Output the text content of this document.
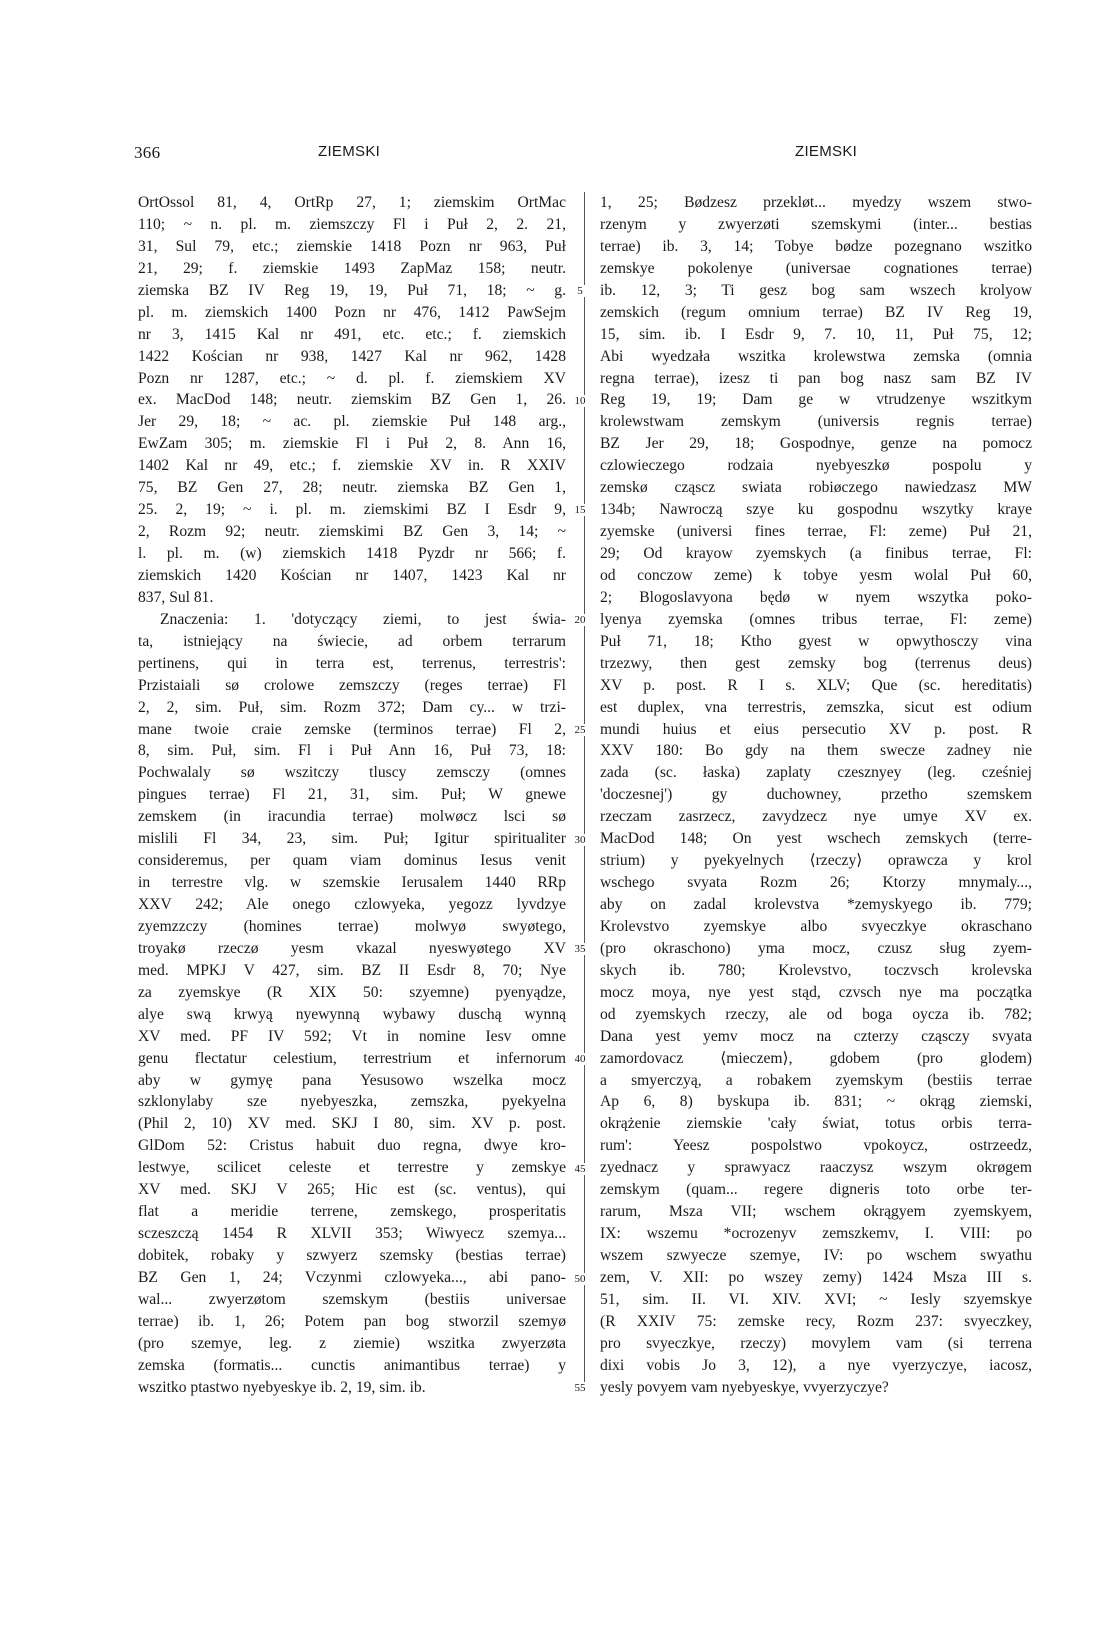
366	ZIEMSKI	ZIEMSKI
OrtOssol 81, 4, OrtRp 27, 1; ziemskim OrtMac
110; ~ n. pl. m. ziemszczy Fl i Puł 2, 2. 21,
31, Sul 79, etc.; ziemskie 1418 Pozn nr 963, Puł
21, 29; f. ziemskie 1493 ZapMaz 158; neutr.
ziemska BZ IV Reg 19, 19, Puł 71, 18; ~ g.
pl. m. ziemskich 1400 Pozn nr 476, 1412 PawSejm
nr 3, 1415 Kal nr 491, etc. etc.; f. ziemskich
1422 Kościan nr 938, 1427 Kal nr 962, 1428
Pozn nr 1287, etc.; ~ d. pl. f. ziemskiem XV
ex. MacDod 148; neutr. ziemskim BZ Gen 1, 26.
Jer 29, 18; ~ ac. pl. ziemskie Puł 148 arg.,
EwZam 305; m. ziemskie Fl i Puł 2, 8. Ann 16,
1402 Kal nr 49, etc.; f. ziemskie XV in. R XXIV
75, BZ Gen 27, 28; neutr. ziemska BZ Gen 1,
25. 2, 19; ~ i. pl. m. ziemskimi BZ I Esdr 9,
2, Rozm 92; neutr. ziemskimi BZ Gen 3, 14; ~
l. pl. m. (w) ziemskich 1418 Pyzdr nr 566; f.
ziemskich 1420 Kościan nr 1407, 1423 Kal nr
837, Sul 81.
Znaczenia: 1. 'dotyczący ziemi, to jest świa-
ta, istniejący na świecie, ad orbem terrarum
pertinens, qui in terra est, terrenus, terrestris':
Przistaiali sø crolowe zemszczy (reges terrae) Fl
2, 2, sim. Puł, sim. Rozm 372; Dam cy... w trzi-
mane twoie craie zemske (terminos terrae) Fl 2,
8, sim. Puł, sim. Fl i Puł Ann 16, Puł 73, 18:
Pochwalaly sø wszitczy tluscy zemsczy (omnes
pingues terrae) Fl 21, 31, sim. Puł; W gnewe
zemskem (in iracundia terrae) molwøcz lsci sø
mislili Fl 34, 23, sim. Puł; Igitur spiritualiter
consideremus, per quam viam dominus Iesus venit
in terrestre vlg. w szemskie Ierusalem 1440 RRp
XXV 242; Ale onego czlowyeka, yegozz lyvdzye
zyemzzczy (homines terrae) molwyø swyøtego,
troyakø rzeczø yesm vkazal nyeswyøtego XV
med. MPKJ V 427, sim. BZ II Esdr 8, 70; Nye
za zyemskye (R XIX 50: szyemne) pyenyądze,
alye swą krwyą nyewynną wybawy duschą wynną
XV med. PF IV 592; Vt in nomine Iesv omne
genu flectatur celestium, terrestrium et infernorum
aby w gymyę pana Yesusowo wszelka mocz
szklonylaby sze nyebyeszka, zemszka, pyekyelna
(Phil 2, 10) XV med. SKJ I 80, sim. XV p. post.
GlDom 52: Cristus habuit duo regna, dwye kro-
lestwye, scilicet celeste et terrestre y zemskye
XV med. SKJ V 265; Hic est (sc. ventus), qui
flat a meridie terrene, zemskego, prosperitatis
sczeszczą 1454 R XLVII 353; Wiwyecz szemya...
dobitek, robaky y szwyerz szemsky (bestias terrae)
BZ Gen 1, 24; Vczynmi czlowyeka..., abi pano-
wal... zwyerzøtom szemskym (bestiis universae
terrae) ib. 1, 26; Potem pan bog stworzil szemyø
(pro szemye, leg. z ziemie) wszitka zwyerzøta
zemska (formatis... cunctis animantibus terrae) y
wszitko ptastwo nyebyeskye ib. 2, 19, sim. ib.
5
10
15
20
25
30
35
40
45
50
55
1, 25; Bødzesz przekløt... myedzy wszem stwo-
rzenym y zwyerzøti szemskymi (inter... bestias
terrae) ib. 3, 14; Tobye bødze pozegnano wszitko
zemskye pokolenye (universae cognationes terrae)
ib. 12, 3; Ti gesz bog sam wszech krolyow
zemskich (regum omnium terrae) BZ IV Reg 19,
15, sim. ib. I Esdr 9, 7. 10, 11, Puł 75, 12;
Abi wyedzała wszitka krolewstwa zemska (omnia
regna terrae), izesz ti pan bog nasz sam BZ IV
Reg 19, 19; Dam ge w vtrudzenye wszitkym
krolewstwam zemskym (universis regnis terrae)
BZ Jer 29, 18; Gospodnye, genze na pomocz
czlowieczego rodzaia nyebyeszkø pospolu y
zemskø cząscz swiata robiøczego nawiedzasz MW
134b; Nawroczą szye ku gospodnu wszytky kraye
zyemske (universi fines terrae, Fl: zeme) Puł 21,
29; Od krayow zyemskych (a finibus terrae, Fl:
od conczow zeme) k tobye yesm wolal Puł 60,
2; Blogoslavyona będø w nyem wszytka poko-
lyenya zyemska (omnes tribus terrae, Fl: zeme)
Puł 71, 18; Ktho gyest w opwythosczy vina
trzezwy, then gest zemsky bog (terrenus deus)
XV p. post. R I s. XLV; Que (sc. hereditatis)
est duplex, vna terrestris, zemszka, sicut est odium
mundi huius et eius persecutio XV p. post. R
XXV 180: Bo gdy na them swecze zadney nie
zada (sc. łaska) zaplaty czesznyey (leg. cześniej
'doczesnej') gy duchowney, przetho szemskem
rzeczam zasrzecz, zavydzecz nye umye XV ex.
MacDod 148; On yest wschech zemskych (terre-
strium) y pyekyelnych ⟨rzeczy⟩ oprawcza y krol
wschego svyata Rozm 26; Ktorzy mnymaly...,
aby on zadal krolevstva *zemyskyego ib. 779;
Krolevstvo zyemskye albo svyeczkye okraschano
(pro okraschono) yma mocz, czusz sług zyem-
skych ib. 780; Krolevstvo, toczvsch krolevska
mocz moya, nye yest stąd, czvsch nye ma początka
od zyemskych rzeczy, ale od boga oycza ib. 782;
Dana yest yemv mocz na czterzy cząsczy svyata
zamordovacz ⟨mieczem⟩, gdobem (pro glodem)
a smyerczyą, a robakem zyemskym (bestiis terrae
Ap 6, 8) byskupa ib. 831; ~ okrąg ziemski,
okrążenie ziemskie 'cały świat, totus orbis terra-
rum': Yeesz pospolstwo vpokoycz, ostrzeedz,
zyednacz y sprawyacz raaczysz wszym okrøgem
zemskym (quam... regere digneris toto orbe ter-
rarum, Msza VII; wschem okrągyem zyemskyem,
IX: wszemu *ocrozenyv zemszkemv, I. VIII: po
wszem szwyecze szemye, IV: po wschem swyathu
zem, V. XII: po wszey zemy) 1424 Msza III s.
51, sim. II. VI. XIV. XVI; ~ Iesly szyemskye
(R XXIV 75: zemske recy, Rozm 237: svyeczkey,
pro svyeczkye, rzeczy) movylem vam (si terrena
dixi vobis Jo 3, 12), a nye vyerzyczye, iacosz,
yesly povyem vam nyebyeskye, vvyerzyczye?
